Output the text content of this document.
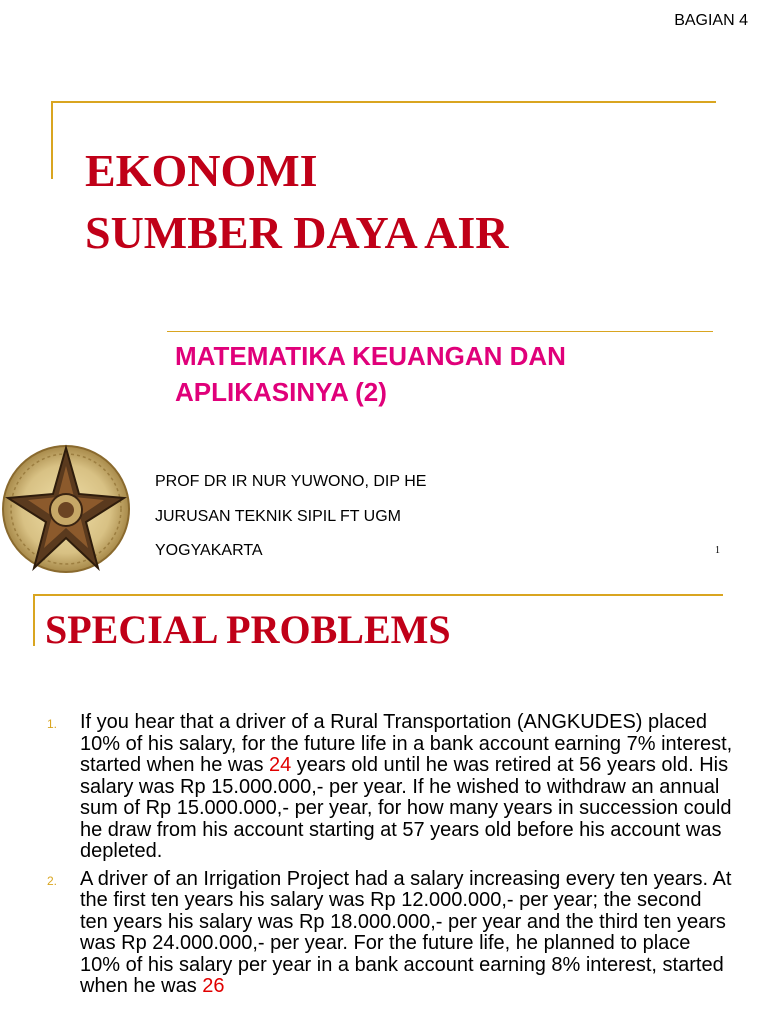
BAGIAN 4
EKONOMI
SUMBER DAYA AIR
MATEMATIKA KEUANGAN DAN
APLIKASINYA (2)
PROF DR IR NUR YUWONO, DIP HE
JURUSAN TEKNIK SIPIL FT UGM
YOGYAKARTA	1
SPECIAL PROBLEMS
1. If you hear that a driver of a Rural Transportation (ANGKUDES) placed 10% of his salary, for the future life in a bank account earning 7% interest, started when he was 24 years old until he was retired at 56 years old. His salary was Rp 15.000.000,- per year. If he wished to withdraw an annual sum of Rp 15.000.000,- per year, for how many years in succession could he draw from his account starting at 57 years old before his account was depleted.
2. A driver of an Irrigation Project had a salary increasing every ten years. At the first ten years his salary was Rp 12.000.000,- per year; the second ten years his salary was Rp 18.000.000,- per year and the third ten years was Rp 24.000.000,- per year. For the future life, he planned to place 10% of his salary per year in a bank account earning 8% interest, started when he was 26
